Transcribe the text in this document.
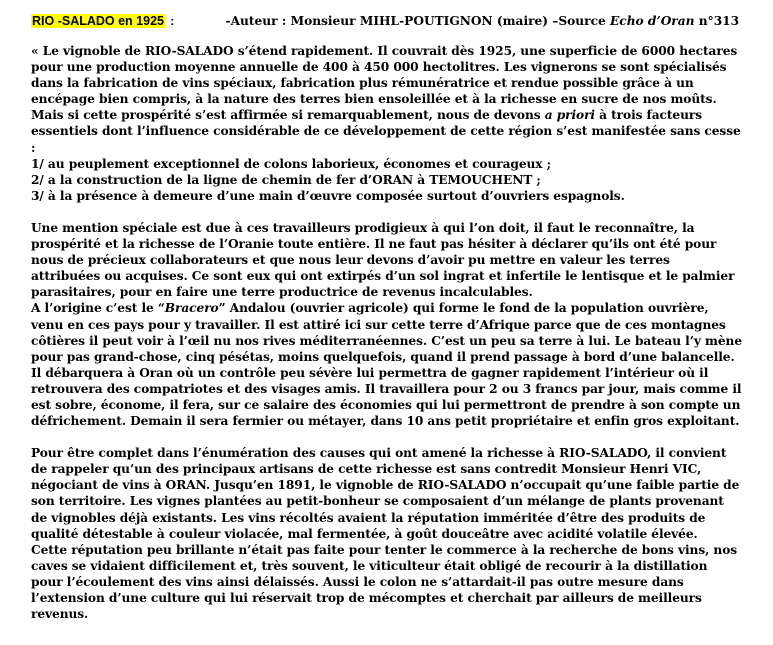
RIO -SALADO en 1925 :	-Auteur : Monsieur MIHL-POUTIGNON (maire) –Source Echo d’Oran n°313

« Le vignoble de RIO-SALADO s’étend rapidement. Il couvrait dès 1925, une superficie de 6000 hectares pour une production moyenne annuelle de 400 à 450 000 hectolitres. Les vignerons se sont spécialisés dans la fabrication de vins spéciaux, fabrication plus rémunératrice et rendue possible grâce à un encépage bien compris, à la nature des terres bien ensoleillée et à la richesse en sucre de nos moûts.

Mais si cette prospérité s’est affirmée si remarquablement, nous de devons a priori à trois facteurs essentiels dont l’influence considérable de ce développement de cette région s’est manifestée sans cesse :

1/ au peuplement exceptionnel de colons laborieux, économes et courageux ;

2/ a la construction de la ligne de chemin de fer d’ORAN à TEMOUCHENT ;

3/ à la présence à demeure d’une main d’œuvre composée surtout d’ouvriers espagnols.

Une mention spéciale est due à ces travailleurs prodigieux à qui l’on doit, il faut le reconnaître, la prospérité et la richesse de l’Oranie toute entière. Il ne faut pas hésiter à déclarer qu’ils ont été pour nous de précieux collaborateurs et que nous leur devons d’avoir pu mettre en valeur les terres attribuées ou acquises. Ce sont eux qui ont extirpés d’un sol ingrat et infertile le lentisque et le palmier parasitaires, pour en faire une terre productrice de revenus incalculables.

A l’origine c’est le “Bracero” Andalou (ouvrier agricole) qui forme le fond de la population ouvrière, venu en ces pays pour y travailler. Il est attiré ici sur cette terre d’Afrique parce que de ces montagnes côtières il peut voir à l’œil nu nos rives méditerranéennes. C’est un peu sa terre à lui. Le bateau l’y mène pour pas grand-chose, cinq pésétas, moins quelquefois, quand il prend passage à bord d’une balancelle. Il débarquera à Oran où un contrôle peu sévère lui permettra de gagner rapidement l’intérieur où il retrouvera des compatriotes et des visages amis. Il travaillera pour 2 ou 3 francs par jour, mais comme il est sobre, économe, il fera, sur ce salaire des économies qui lui permettront de prendre à son compte un défrichement. Demain il sera fermier ou métayer, dans 10 ans petit propriétaire et enfin gros exploitant.

Pour être complet dans l’énumération des causes qui ont amené la richesse à RIO-SALADO, il convient de rappeler qu’un des principaux artisans de cette richesse est sans contredit Monsieur Henri VIC, négociant de vins à ORAN. Jusqu’en 1891, le vignoble de RIO-SALADO n’occupait qu’une faible partie de son territoire. Les vignes plantées au petit-bonheur se composaient d’un mélange de plants provenant de vignobles déjà existants. Les vins récoltés avaient la réputation imméritée d’être des produits de qualité détestable à couleur violacée, mal fermentée, à goût douceâtre avec acidité volatile élevée.

Cette réputation peu brillante n’était pas faite pour tenter le commerce à la recherche de bons vins, nos caves se vidaient difficilement et, très souvent, le viticulteur était obligé de recourir à la distillation pour l’écoulement des vins ainsi délaissés. Aussi le colon ne s’attardait-il pas outre mesure dans l’extension d’une culture qui lui réservait trop de mécomptes et cherchait par ailleurs de meilleurs revenus.
